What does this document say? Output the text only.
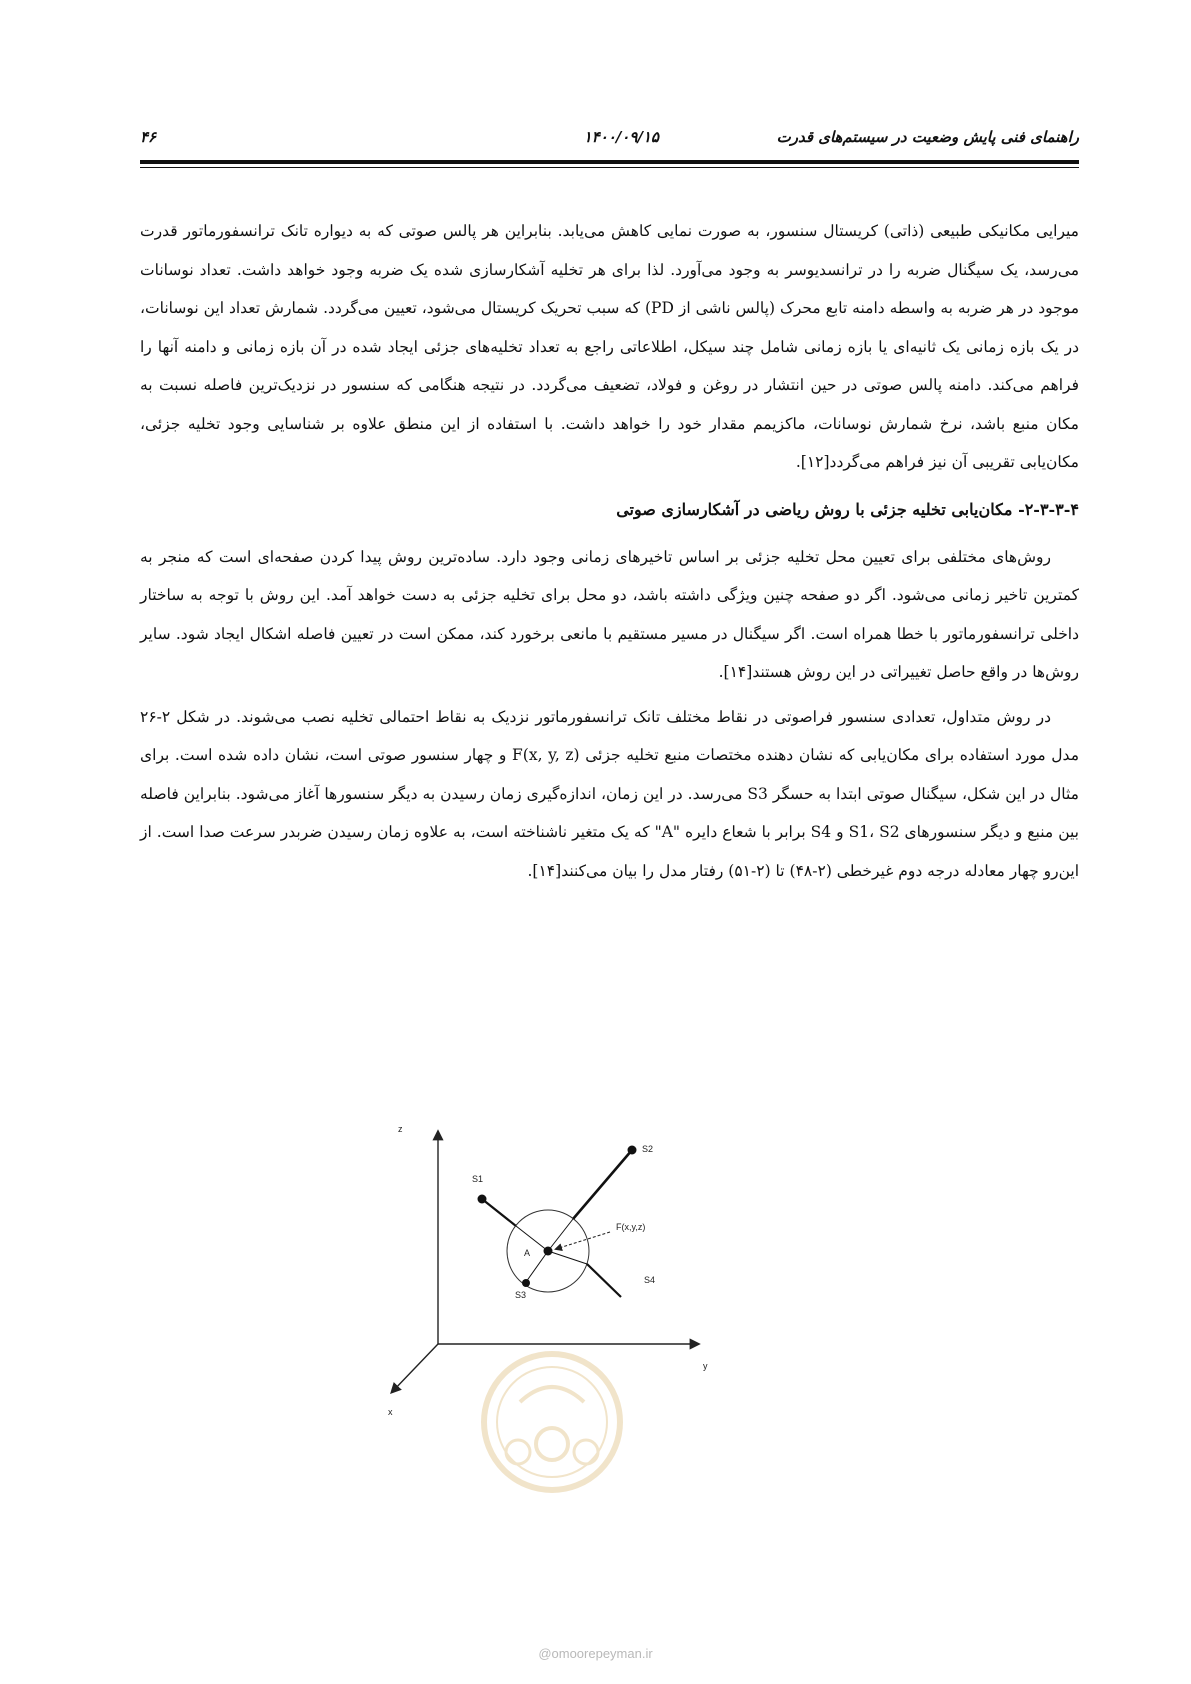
راهنمای فنی پایش وضعیت در سیستم‌های قدرت
۱۴۰۰/۰۹/۱۵
۴۶

میرایی مکانیکی طبیعی (ذاتی) کریستال سنسور، به صورت نمایی کاهش می‌یابد. بنابراین هر پالس صوتی که به دیواره تانک ترانسفورماتور قدرت می‌رسد، یک سیگنال ضربه را در ترانسدیوسر به وجود می‌آورد. لذا برای هر تخلیه آشکارسازی شده یک ضربه وجود خواهد داشت. تعداد نوسانات موجود در هر ضربه به واسطه دامنه تابع محرک (پالس ناشی از PD) که سبب تحریک کریستال می‌شود، تعیین می‌گردد. شمارش تعداد این نوسانات، در یک بازه زمانی یک ثانیه‌ای یا بازه زمانی شامل چند سیکل، اطلاعاتی راجع به تعداد تخلیه‌های جزئی ایجاد شده در آن بازه زمانی و دامنه آنها را فراهم می‌کند. دامنه پالس صوتی در حین انتشار در روغن و فولاد، تضعیف می‌گردد. در نتیجه هنگامی که سنسور در نزدیک‌ترین فاصله نسبت به مکان منبع باشد، نرخ شمارش نوسانات، ماکزیمم مقدار خود را خواهد داشت. با استفاده از این منطق علاوه بر شناسایی وجود تخلیه جزئی، مکان‌یابی تقریبی آن نیز فراهم می‌گردد[۱۲].

۲-۳-۳-۴- مکان‌یابی تخلیه جزئی با روش ریاضی در آشکارسازی صوتی

روش‌های مختلفی برای تعیین محل تخلیه جزئی بر اساس تاخیرهای زمانی وجود دارد. ساده‌ترین روش پیدا کردن صفحه‌ای است که منجر به کمترین تاخیر زمانی می‌شود. اگر دو صفحه چنین ویژگی داشته باشد، دو محل برای تخلیه جزئی به دست خواهد آمد. این روش با توجه به ساختار داخلی ترانسفورماتور با خطا همراه است. اگر سیگنال در مسیر مستقیم با مانعی برخورد کند، ممکن است در تعیین فاصله اشکال ایجاد شود. سایر روش‌ها در واقع حاصل تغییراتی در این روش هستند[۱۴].

در روش متداول، تعدادی سنسور فراصوتی در نقاط مختلف تانک ترانسفورماتور نزدیک به نقاط احتمالی تخلیه نصب می‌شوند. در شکل ۲-۲۶ مدل مورد استفاده برای مکان‌یابی که نشان دهنده مختصات منبع تخلیه جزئی F(x, y, z) و چهار سنسور صوتی است، نشان داده شده است. برای مثال در این شکل، سیگنال صوتی ابتدا به حسگر S3 می‌رسد. در این زمان، اندازه‌گیری زمان رسیدن به دیگر سنسورها آغاز می‌شود. بنابراین فاصله بین منبع و دیگر سنسورهای S1، S2 و S4 برابر با شعاع دایره "A" که یک متغیر ناشناخته است، به علاوه زمان رسیدن ضربدر سرعت صدا است. از این‌رو چهار معادله درجه دوم غیرخطی (۲-۴۸) تا (۲-۵۱) رفتار مدل را بیان می‌کنند[۱۴].

z
y
x
S1
S2
S3
S4
A
F(x,y,z)
@omoorepeyman.ir
